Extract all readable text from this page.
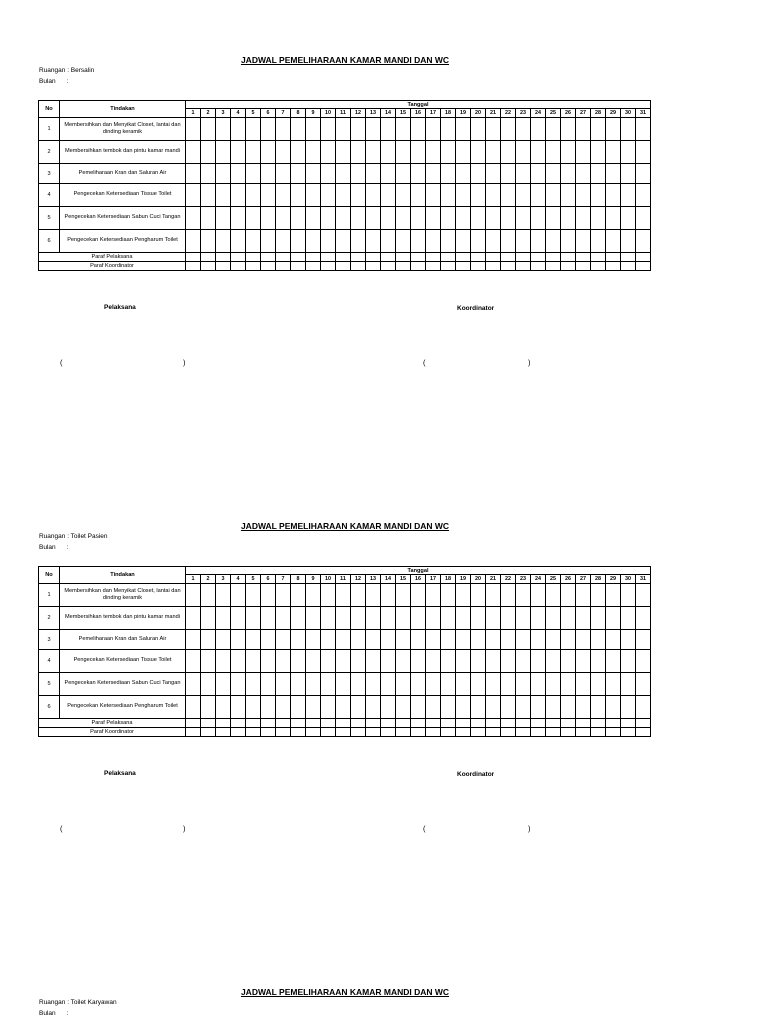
JADWAL PEMELIHARAAN KAMAR MANDI DAN WC
Ruangan : Bersalin
Bulan      :
No	Tindakan	Tanggal																														
		1	2	3	4	5	6	7	8	9	10	11	12	13	14	15	16	17	18	19	20	21	22	23	24	25	26	27	28	29	30	31
1	Membersihkan dan Menyikat Closet, lantai dan dinding keramik																															
2	Membersihkan tembok dan pintu kamar mandi																															
3	Pemeliharaan Kran dan Saluran Air																															
4	Pengecekan Ketersediaan Tissue Toilet																															
5	Pengecekan Ketersediaan Sabun Cuci Tangan																															
6	Pengecekan Ketersediaan Pengharum Toilet																															
Paraf Pelaksana																																
Paraf Koordinator																																
Pelaksana	Koordinator
(	)	(	)
JADWAL PEMELIHARAAN KAMAR MANDI DAN WC
Ruangan : Toilet Pasien
Bulan      :
No	Tindakan	Tanggal																														
		1	2	3	4	5	6	7	8	9	10	11	12	13	14	15	16	17	18	19	20	21	22	23	24	25	26	27	28	29	30	31
1	Membersihkan dan Menyikat Closet, lantai dan dinding keramik																															
2	Membersihkan tembok dan pintu kamar mandi																															
3	Pemeliharaan Kran dan Saluran Air																															
4	Pengecekan Ketersediaan Tissue Toilet																															
5	Pengecekan Ketersediaan Sabun Cuci Tangan																															
6	Pengecekan Ketersediaan Pengharum Toilet																															
Paraf Pelaksana																																
Paraf Koordinator																																
Pelaksana	Koordinator
(	)	(	)
JADWAL PEMELIHARAAN KAMAR MANDI DAN WC
Ruangan : Toilet Karyawan
Bulan      :
